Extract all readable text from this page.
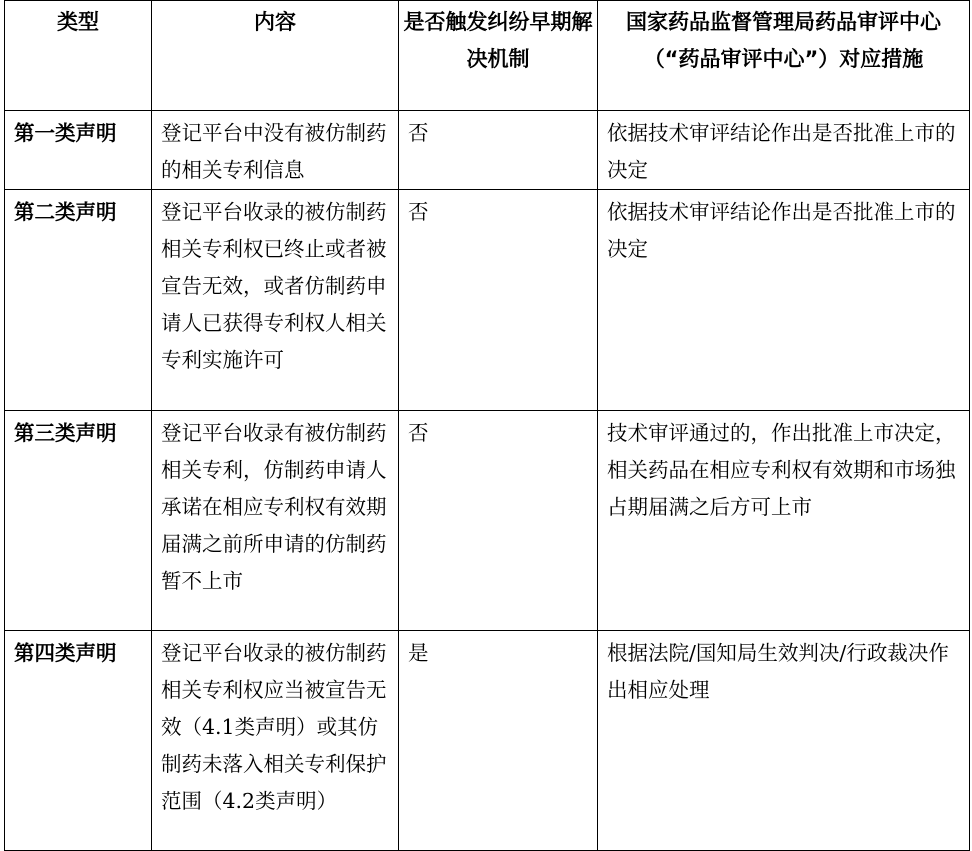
类型	内容	是否触发纠纷早期解决机制	国家药品监督管理局药品审评中心（“药品审评中心”）对应措施
第一类声明	登记平台中没有被仿制药的相关专利信息	否	依据技术审评结论作出是否批准上市的决定
第二类声明	登记平台收录的被仿制药相关专利权已终止或者被宣告无效，或者仿制药申请人已获得专利权人相关专利实施许可	否	依据技术审评结论作出是否批准上市的决定
第三类声明	登记平台收录有被仿制药相关专利，仿制药申请人承诺在相应专利权有效期届满之前所申请的仿制药暂不上市	否	技术审评通过的，作出批准上市决定，相关药品在相应专利权有效期和市场独占期届满之后方可上市
第四类声明	登记平台收录的被仿制药相关专利权应当被宣告无效（4.1类声明）或其仿制药未落入相关专利保护范围（4.2类声明）	是	根据法院/国知局生效判决/行政裁决作出相应处理
